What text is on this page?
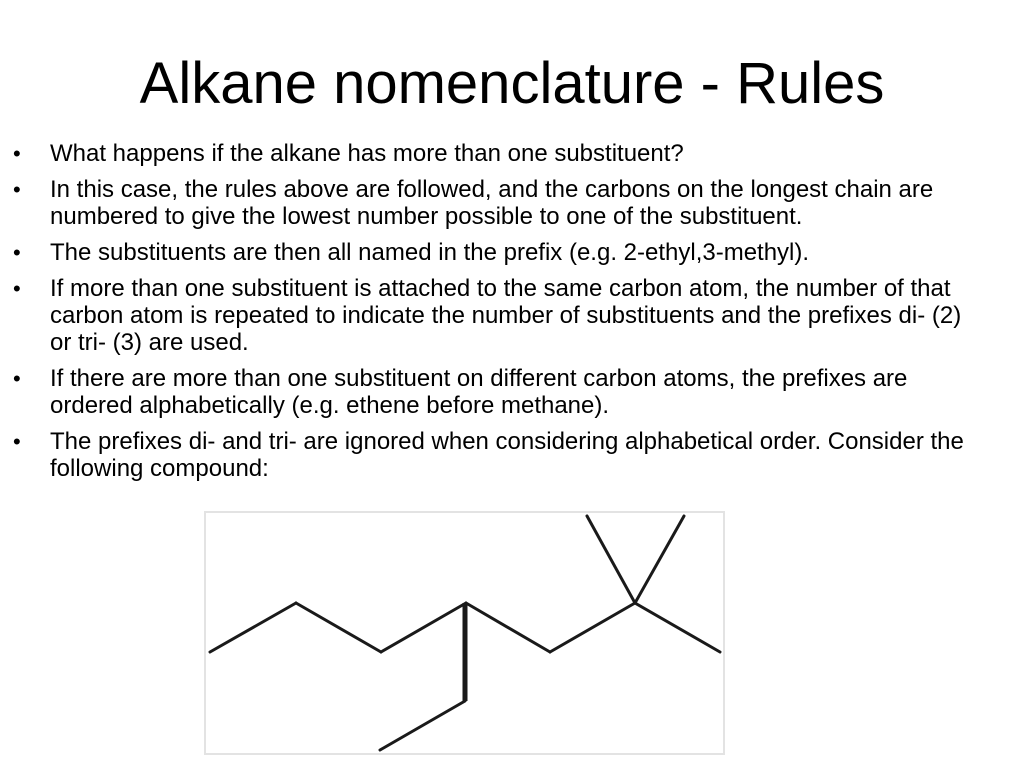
Alkane nomenclature - Rules
• What happens if the alkane has more than one substituent?
• In this case, the rules above are followed, and the carbons on the longest chain are numbered to give the lowest number possible to one of the substituent.
• The substituents are then all named in the prefix (e.g. 2-ethyl,3-methyl).
• If more than one substituent is attached to the same carbon atom, the number of that carbon atom is repeated to indicate the number of substituents and the prefixes di- (2) or tri- (3) are used.
• If there are more than one substituent on different carbon atoms, the prefixes are ordered alphabetically (e.g. ethene before methane).
• The prefixes di- and tri- are ignored when considering alphabetical order. Consider the following compound:
